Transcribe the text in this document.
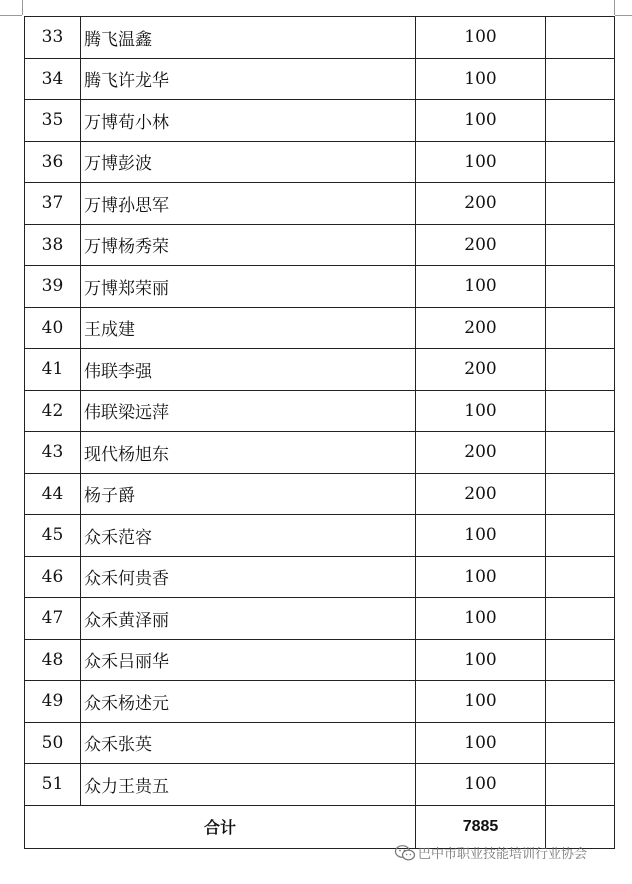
33	腾飞温鑫	100	
34	腾飞许龙华	100	
35	万博荀小林	100	
36	万博彭波	100	
37	万博孙思军	200	
38	万博杨秀荣	200	
39	万博郑荣丽	100	
40	王成建	200	
41	伟联李强	200	
42	伟联梁远萍	100	
43	现代杨旭东	200	
44	杨子爵	200	
45	众禾范容	100	
46	众禾何贵香	100	
47	众禾黄泽丽	100	
48	众禾吕丽华	100	
49	众禾杨述元	100	
50	众禾张英	100	
51	众力王贵五	100	
合计		7885	
巴中市职业技能培训行业协会
